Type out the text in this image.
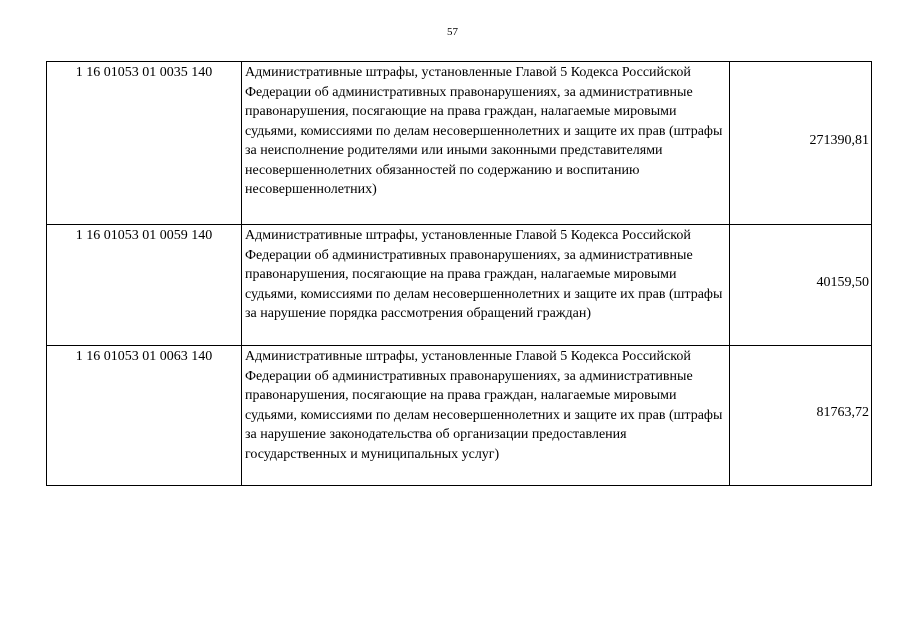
57
1 16 01053 01 0035 140	Административные штрафы, установленные Главой 5 Кодекса Российской Федерации об административных правонарушениях, за административные правонарушения, посягающие на права граждан, налагаемые мировыми судьями, комиссиями по делам несовершеннолетних и защите их прав (штрафы за неисполнение родителями или иными законными представителями несовершеннолетних обязанностей по содержанию и воспитанию несовершеннолетних)	271390,81
1 16 01053 01 0059 140	Административные штрафы, установленные Главой 5 Кодекса Российской Федерации об административных правонарушениях, за административные правонарушения, посягающие на права граждан, налагаемые мировыми судьями, комиссиями по делам несовершеннолетних и защите их прав (штрафы за нарушение порядка рассмотрения обращений граждан)	40159,50
1 16 01053 01 0063 140	Административные штрафы, установленные Главой 5 Кодекса Российской Федерации об административных правонарушениях, за административные правонарушения, посягающие на права граждан, налагаемые мировыми судьями, комиссиями по делам несовершеннолетних и защите их прав (штрафы за нарушение законодательства об организации предоставления государственных и муниципальных услуг)	81763,72
